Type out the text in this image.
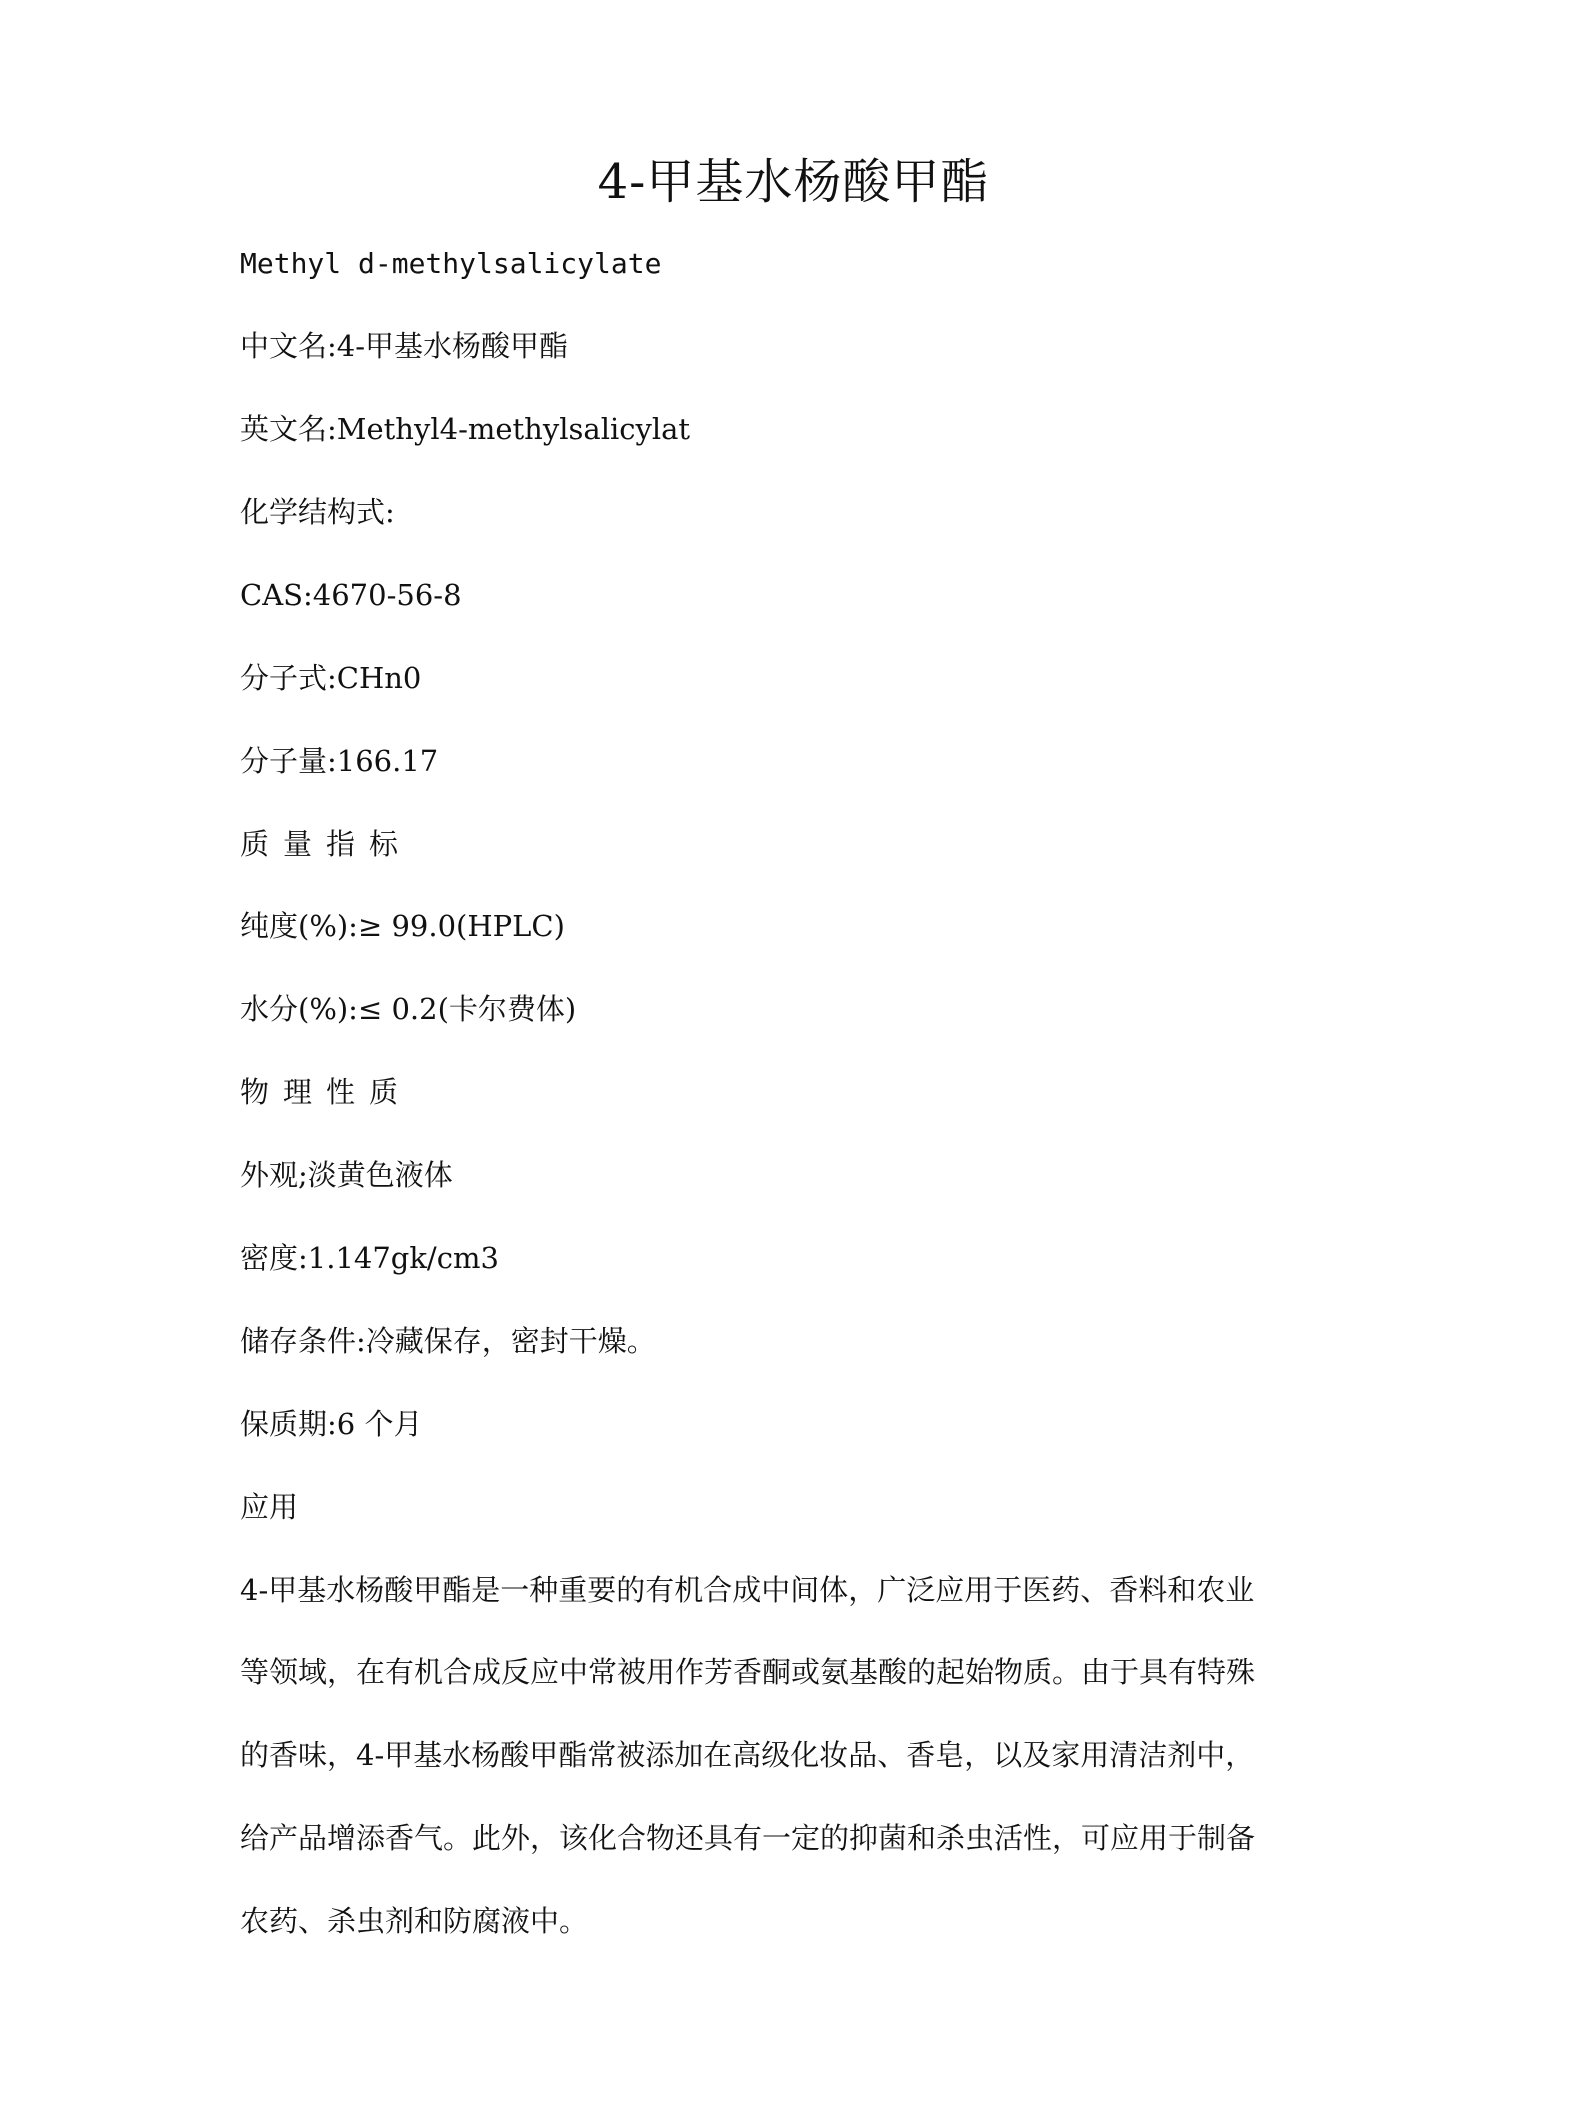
4-甲基水杨酸甲酯
Methyl d-methylsalicylate
中文名:4-甲基水杨酸甲酯
英文名:Methyl4-methylsalicylat
化学结构式:
CAS:4670-56-8
分子式:CHn0
分子量:166.17
质量指标
纯度(%):≥ 99.0(HPLC)
水分(%):≤ 0.2(卡尔费体)
物理性质
外观;淡黄色液体
密度:1.147gk/cm3
储存条件:冷藏保存，密封干燥。
保质期:6 个月
应用
4-甲基水杨酸甲酯是一种重要的有机合成中间体，广泛应用于医药、香料和农业
等领域，在有机合成反应中常被用作芳香酮或氨基酸的起始物质。由于具有特殊
的香味，4-甲基水杨酸甲酯常被添加在高级化妆品、香皂，以及家用清洁剂中，
给产品增添香气。此外，该化合物还具有一定的抑菌和杀虫活性，可应用于制备
农药、杀虫剂和防腐液中。
